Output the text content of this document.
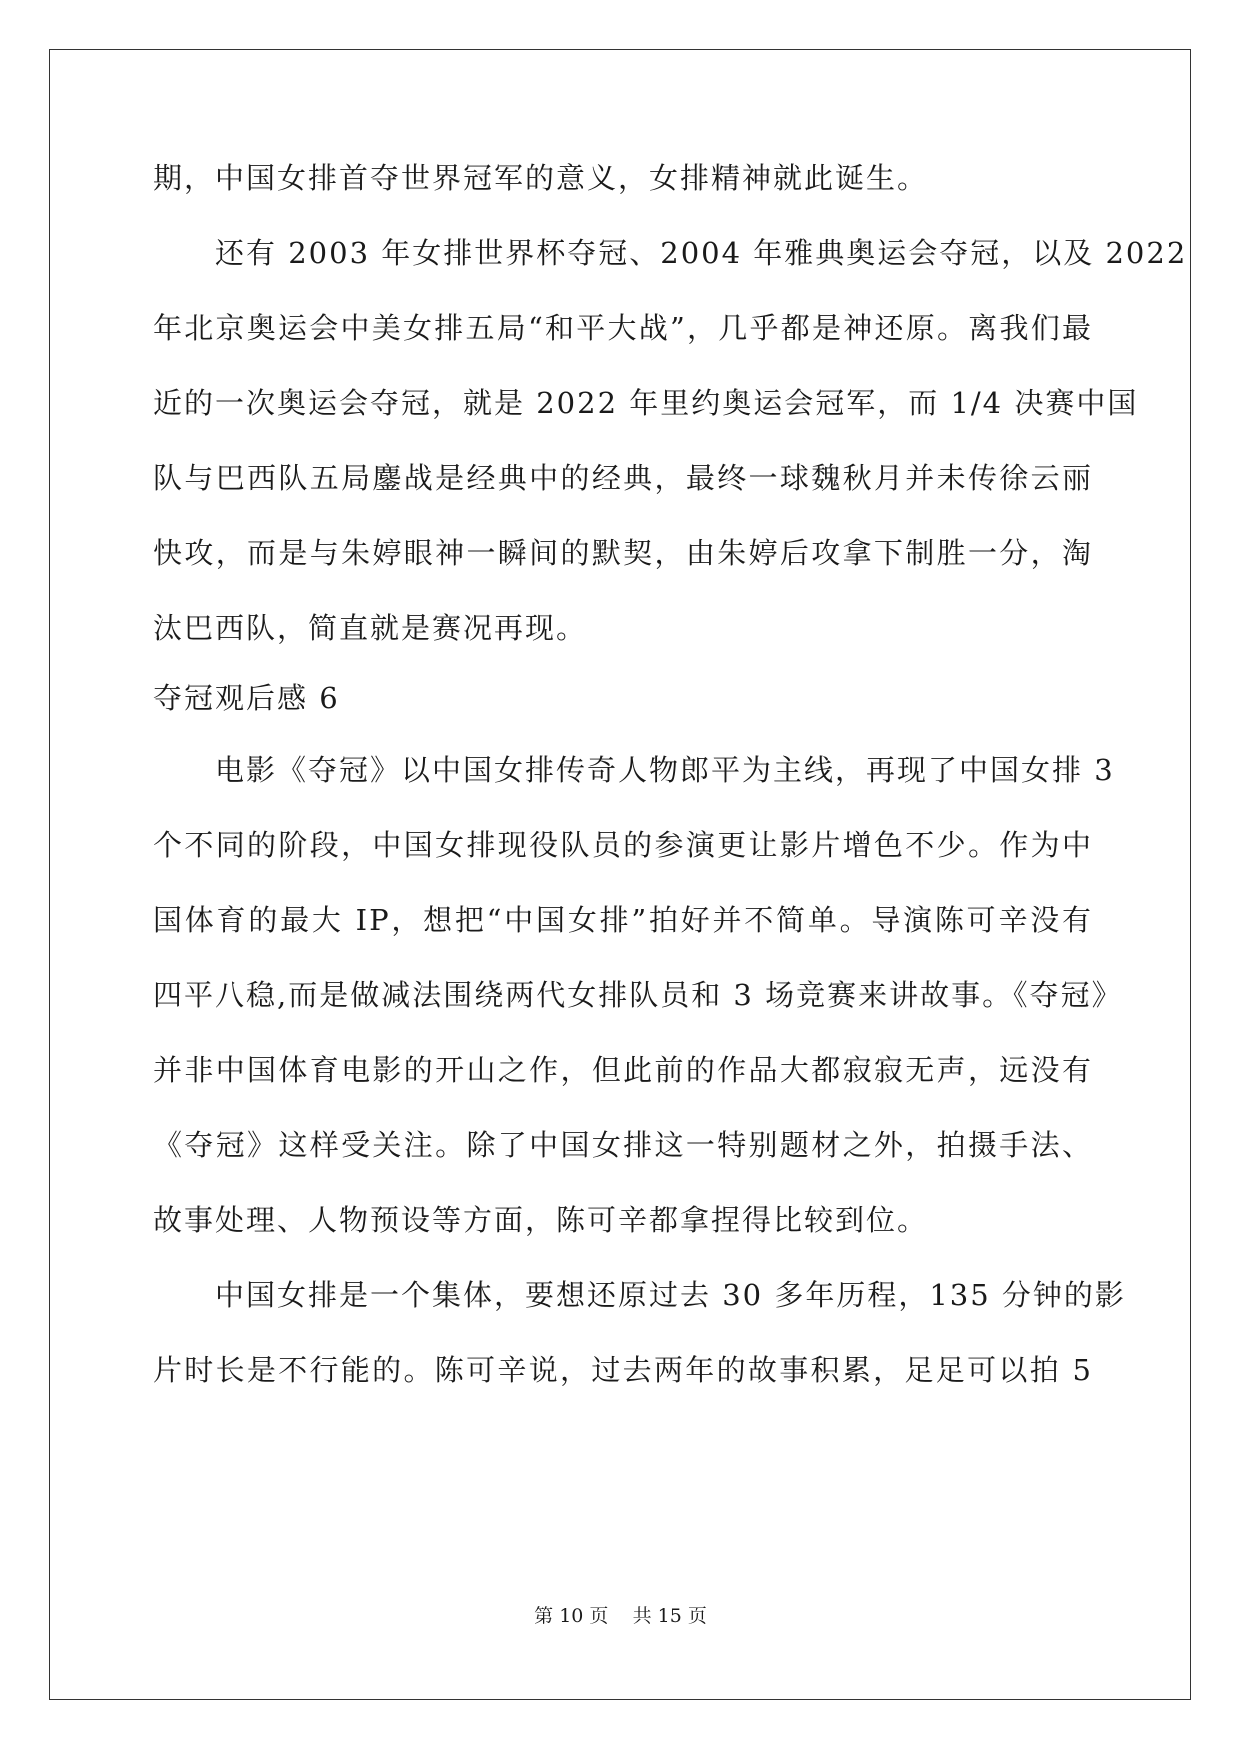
期，中国女排首夺世界冠军的意义，女排精神就此诞生。
还有 2003 年女排世界杯夺冠、2004 年雅典奥运会夺冠，以及 2022
年北京奥运会中美女排五局“和平大战”，几乎都是神还原。离我们最
近的一次奥运会夺冠，就是 2022 年里约奥运会冠军，而 1/4 决赛中国
队与巴西队五局鏖战是经典中的经典，最终一球魏秋月并未传徐云丽
快攻，而是与朱婷眼神一瞬间的默契，由朱婷后攻拿下制胜一分，淘
汰巴西队，简直就是赛况再现。
夺冠观后感 6
电影《夺冠》以中国女排传奇人物郎平为主线，再现了中国女排 3
个不同的阶段，中国女排现役队员的参演更让影片增色不少。作为中
国体育的最大 IP，想把“中国女排”拍好并不简单。导演陈可辛没有
四平八稳,而是做减法围绕两代女排队员和 3 场竞赛来讲故事。《夺冠》
并非中国体育电影的开山之作，但此前的作品大都寂寂无声，远没有
《夺冠》这样受关注。除了中国女排这一特别题材之外，拍摄手法、
故事处理、人物预设等方面，陈可辛都拿捏得比较到位。
中国女排是一个集体，要想还原过去 30 多年历程，135 分钟的影
片时长是不行能的。陈可辛说，过去两年的故事积累，足足可以拍 5
第 10 页    共 15 页
